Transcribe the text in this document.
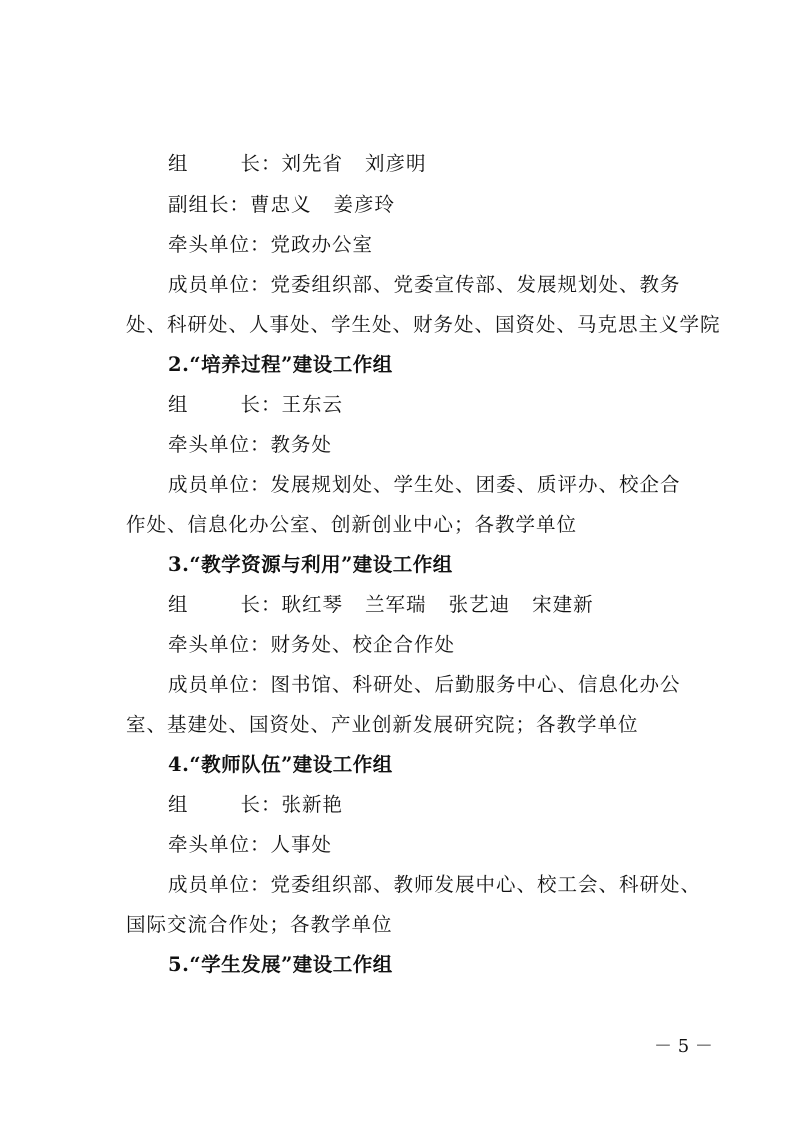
组	长：刘先省 刘彦明
副组长：曹忠义 姜彦玲
牵头单位：党政办公室
成员单位：党委组织部、党委宣传部、发展规划处、教务
处、科研处、人事处、学生处、财务处、国资处、马克思主义学院
2.“培养过程”建设工作组
组	长：王东云
牵头单位：教务处
成员单位：发展规划处、学生处、团委、质评办、校企合
作处、信息化办公室、创新创业中心；各教学单位
3.“教学资源与利用”建设工作组
组	长：耿红琴 兰军瑞 张艺迪 宋建新
牵头单位：财务处、校企合作处
成员单位：图书馆、科研处、后勤服务中心、信息化办公
室、基建处、国资处、产业创新发展研究院；各教学单位
4.“教师队伍”建设工作组
组	长：张新艳
牵头单位：人事处
成员单位：党委组织部、教师发展中心、校工会、科研处、
国际交流合作处；各教学单位
5.“学生发展”建设工作组
－ 5 －
